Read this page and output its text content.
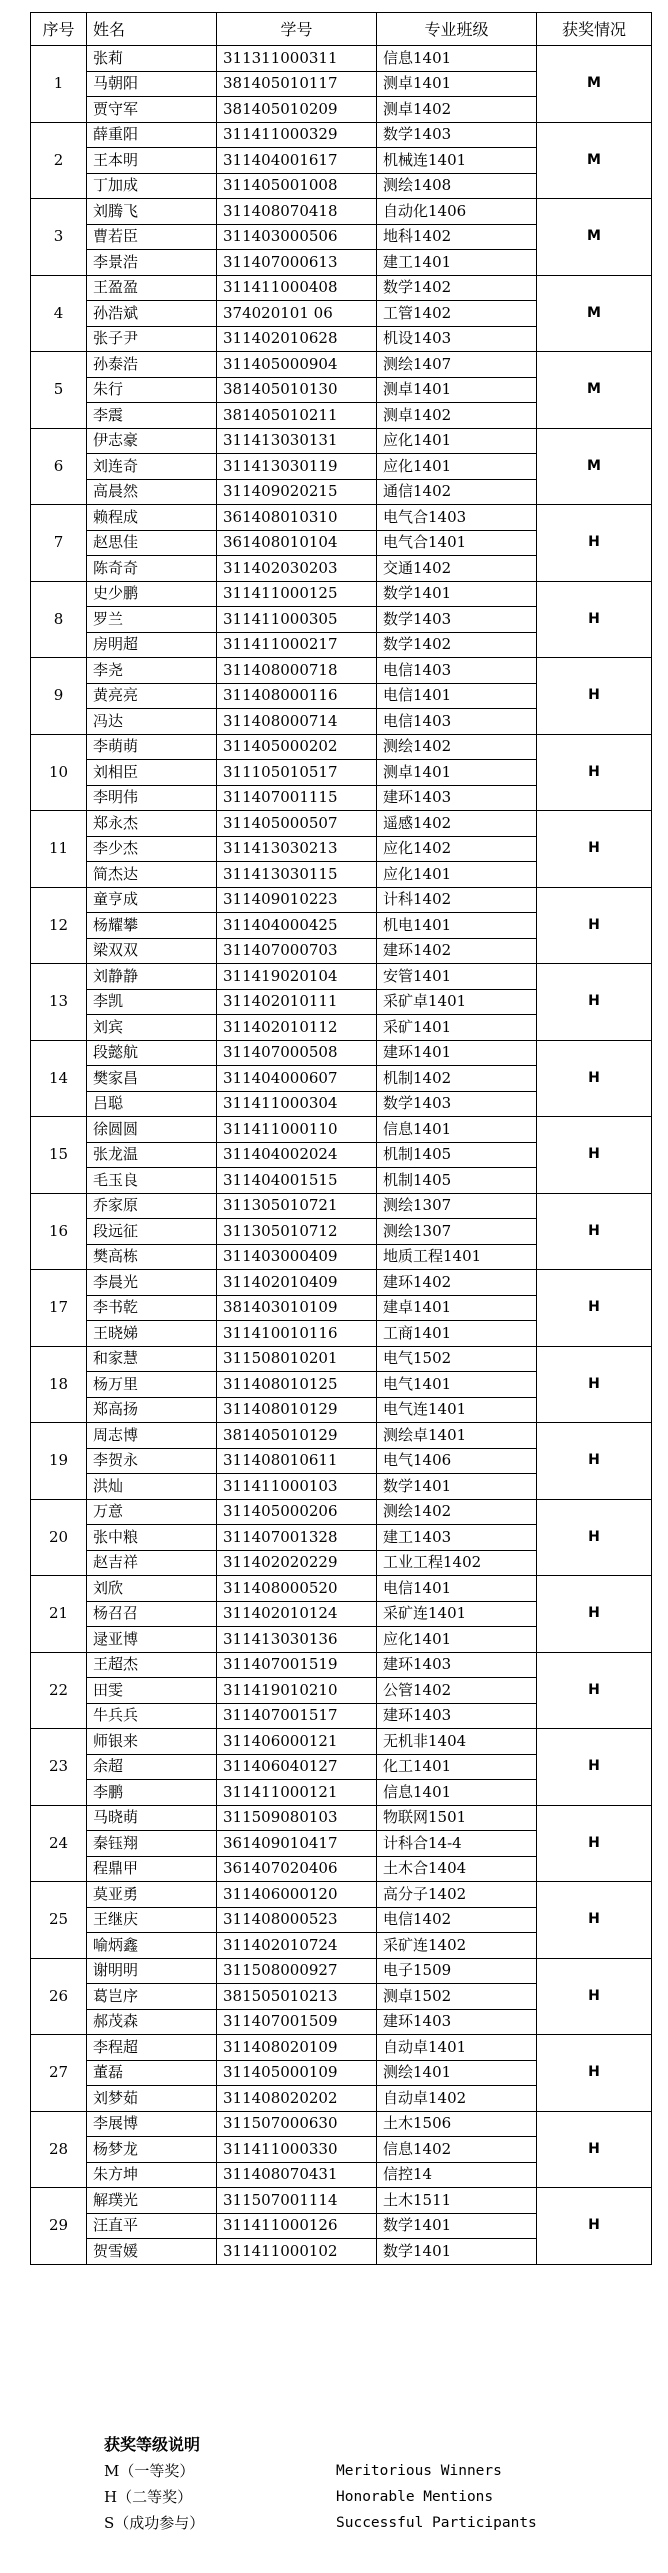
序号	姓名	学号	专业班级	获奖情况
1	张莉	311311000311	信息1401	M
	马朝阳	381405010117	测卓1401	
	贾守军	381405010209	测卓1402	
2	薛重阳	311411000329	数学1403	M
	王本明	311404001617	机械连1401	
	丁加成	311405001008	测绘1408	
3	刘腾飞	311408070418	自动化1406	M
	曹若臣	311403000506	地科1402	
	李景浩	311407000613	建工1401	
4	王盈盈	311411000408	数学1402	M
	孙浩斌	374020101 06	工管1402	
	张子尹	311402010628	机设1403	
5	孙泰浩	311405000904	测绘1407	M
	朱行	381405010130	测卓1401	
	李震	381405010211	测卓1402	
6	伊志豪	311413030131	应化1401	M
	刘连奇	311413030119	应化1401	
	高晨然	311409020215	通信1402	
7	赖程成	361408010310	电气合1403	H
	赵思佳	361408010104	电气合1401	
	陈奇奇	311402030203	交通1402	
8	史少鹏	311411000125	数学1401	H
	罗兰	311411000305	数学1403	
	房明超	311411000217	数学1402	
9	李尧	311408000718	电信1403	H
	黄亮亮	311408000116	电信1401	
	冯达	311408000714	电信1403	
10	李萌萌	311405000202	测绘1402	H
	刘相臣	311105010517	测卓1401	
	李明伟	311407001115	建环1403	
11	郑永杰	311405000507	遥感1402	H
	李少杰	311413030213	应化1402	
	简杰达	311413030115	应化1401	
12	童亨成	311409010223	计科1402	H
	杨耀攀	311404000425	机电1401	
	梁双双	311407000703	建环1402	
13	刘静静	311419020104	安管1401	H
	李凯	311402010111	采矿卓1401	
	刘宾	311402010112	采矿1401	
14	段懿航	311407000508	建环1401	H
	樊家昌	311404000607	机制1402	
	吕聪	311411000304	数学1403	
15	徐圆圆	311411000110	信息1401	H
	张龙温	311404002024	机制1405	
	毛玉良	311404001515	机制1405	
16	乔家原	311305010721	测绘1307	H
	段远征	311305010712	测绘1307	
	樊高栋	311403000409	地质工程1401	
17	李晨光	311402010409	建环1402	H
	李书乾	381403010109	建卓1401	
	王晓娣	311410010116	工商1401	
18	和家慧	311508010201	电气1502	H
	杨万里	311408010125	电气1401	
	郑高扬	311408010129	电气连1401	
19	周志博	381405010129	测绘卓1401	H
	李贺永	311408010611	电气1406	
	洪灿	311411000103	数学1401	
20	万意	311405000206	测绘1402	H
	张中粮	311407001328	建工1403	
	赵吉祥	311402020229	工业工程1402	
21	刘欣	311408000520	电信1401	H
	杨召召	311402010124	采矿连1401	
	逯亚博	311413030136	应化1401	
22	王超杰	311407001519	建环1403	H
	田雯	311419010210	公管1402	
	牛兵兵	311407001517	建环1403	
23	师银来	311406000121	无机非1404	H
	余超	311406040127	化工1401	
	李鹏	311411000121	信息1401	
24	马晓萌	311509080103	物联网1501	H
	秦钰翔	361409010417	计科合14-4	
	程鼎甲	361407020406	土木合1404	
25	莫亚勇	311406000120	高分子1402	H
	王继庆	311408000523	电信1402	
	喻炳鑫	311402010724	采矿连1402	
26	谢明明	311508000927	电子1509	H
	葛岂序	381505010213	测卓1502	
	郝茂森	311407001509	建环1403	
27	李程超	311408020109	自动卓1401	H
	董磊	311405000109	测绘1401	
	刘梦茹	311408020202	自动卓1402	
28	李展博	311507000630	土木1506	H
	杨梦龙	311411000330	信息1402	
	朱方坤	311408070431	信控14	
29	解璞光	311507001114	土木1511	H
	汪直平	311411000126	数学1401	
	贺雪媛	311411000102	数学1401	
获奖等级说明
M（一等奖）	Meritorious Winners
H（二等奖）	Honorable Mentions
S（成功参与）	Successful Participants
